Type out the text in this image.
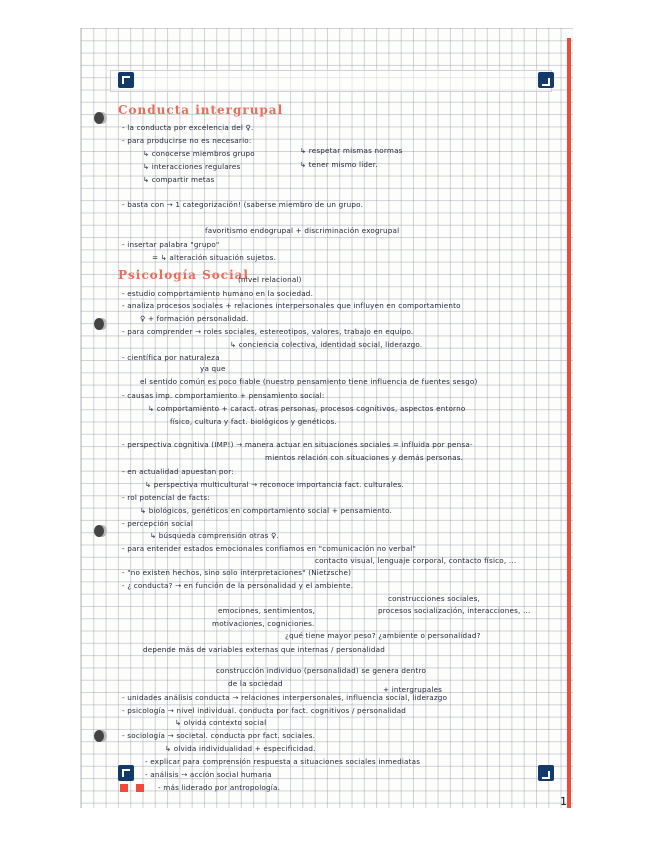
Conducta intergrupal
- la conducta por excelencia del ♀.
- para producirse no es necesario:
↳ conocerse miembros grupo	↳ respetar mismas normas
↳ interacciones regulares	↳ tener mismo líder.
↳ compartir metas
- basta con → 1 categorización! (saberse miembro de un grupo.
favoritismo endogrupal + discriminación exogrupal
- insertar palabra "grupo"
= ↳ alteración situación sujetos.
Psicología Social
(nivel relacional)
- estudio comportamiento humano en la sociedad.
- analiza procesos sociales + relaciones interpersonales que influyen en comportamiento
♀ + formación personalidad.
- para comprender → roles sociales, estereotipos, valores, trabajo en equipo.
↳ conciencia colectiva, identidad social, liderazgo.
- científica por naturaleza
ya que
el sentido común es poco fiable (nuestro pensamiento tiene influencia de fuentes sesgo)
- causas imp. comportamiento + pensamiento social:
↳ comportamiento + caract. otras personas, procesos cognitivos, aspectos entorno
físico, cultura y fact. biológicos y genéticos.
- perspectiva cognitiva (IMP!) → manera actuar en situaciones sociales = influida por pensa-
mientos relación con situaciones y demás personas.
- en actualidad apuestan por:
↳ perspectiva multicultural → reconoce importancia fact. culturales.
- rol potencial de facts:
↳ biológicos, genéticos en comportamiento social + pensamiento.
- percepción social
↳ búsqueda comprensión otras ♀.
- para entender estados emocionales confiamos en "comunicación no verbal"
contacto visual, lenguaje corporal, contacto físico, ...
- "no existen hechos, sino solo interpretaciones" (Nietzsche)
- ¿ conducta? → en función de la personalidad y el ambiente.
construcciones sociales,
emociones, sentimientos,	procesos socialización, interacciones, ...
motivaciones, cogniciones.
¿qué tiene mayor peso? ¿ambiente o personalidad?
depende más de variables externas que internas / personalidad
construcción individuo (personalidad) se genera dentro
de la sociedad
+ intergrupales
- unidades análisis conducta → relaciones interpersonales, influencia social, liderazgo
- psicología → nivel individual. conducta por fact. cognitivos / personalidad
↳ olvida contexto social
- sociología → societal. conducta por fact. sociales.
↳ olvida individualidad + especificidad.
- explicar para comprensión respuesta a situaciones sociales inmediatas
- análisis → acción social humana
- más liderado por antropología.
1
